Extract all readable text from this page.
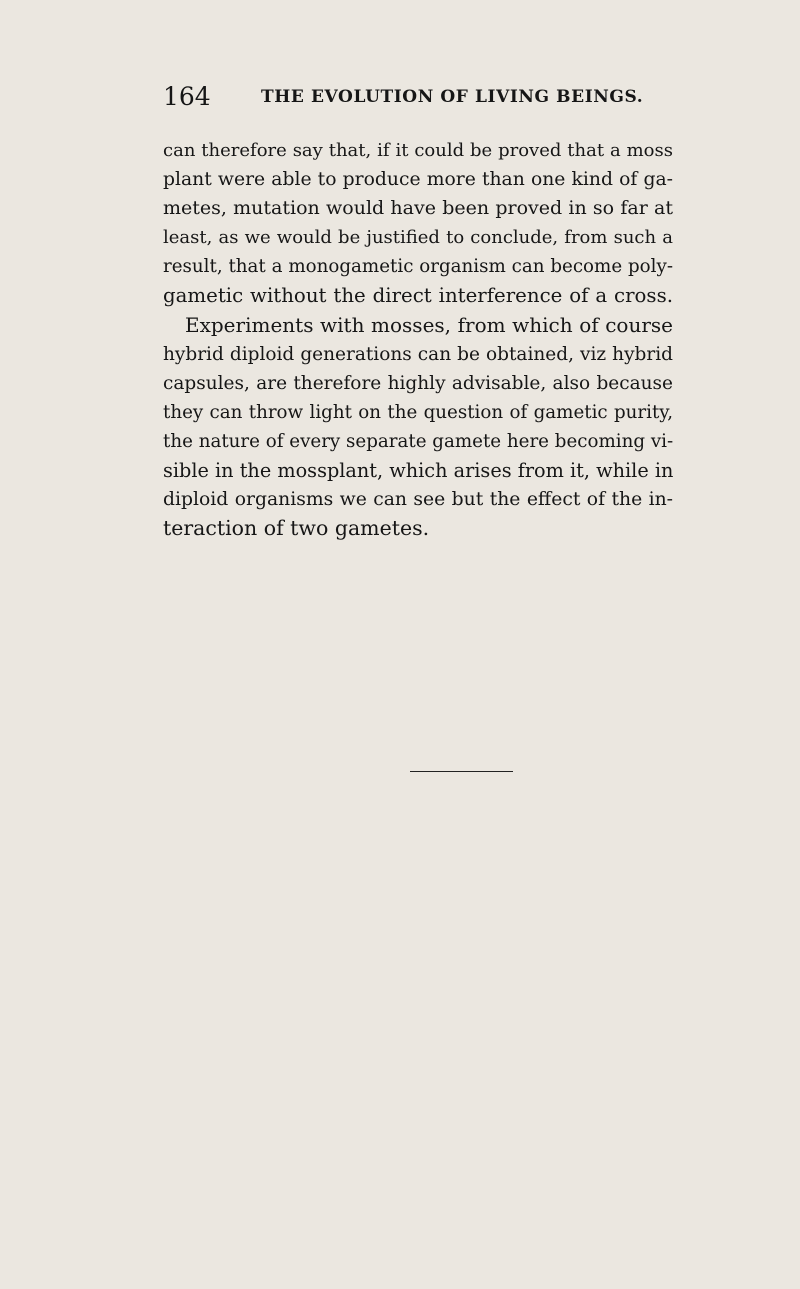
164	THE EVOLUTION OF LIVING BEINGS.
can therefore say that, if it could be proved that a moss
plant were able to produce more than one kind of ga-
metes, mutation would have been proved in so far at
least, as we would be justified to conclude, from such a
result, that a monogametic organism can become poly-
gametic without the direct interference of a cross.
Experiments with mosses, from which of course
hybrid diploid generations can be obtained, viz hybrid
capsules, are therefore highly advisable, also because
they can throw light on the question of gametic purity,
the nature of every separate gamete here becoming vi-
sible in the mossplant, which arises from it, while in
diploid organisms we can see but the effect of the in-
teraction of two gametes.
